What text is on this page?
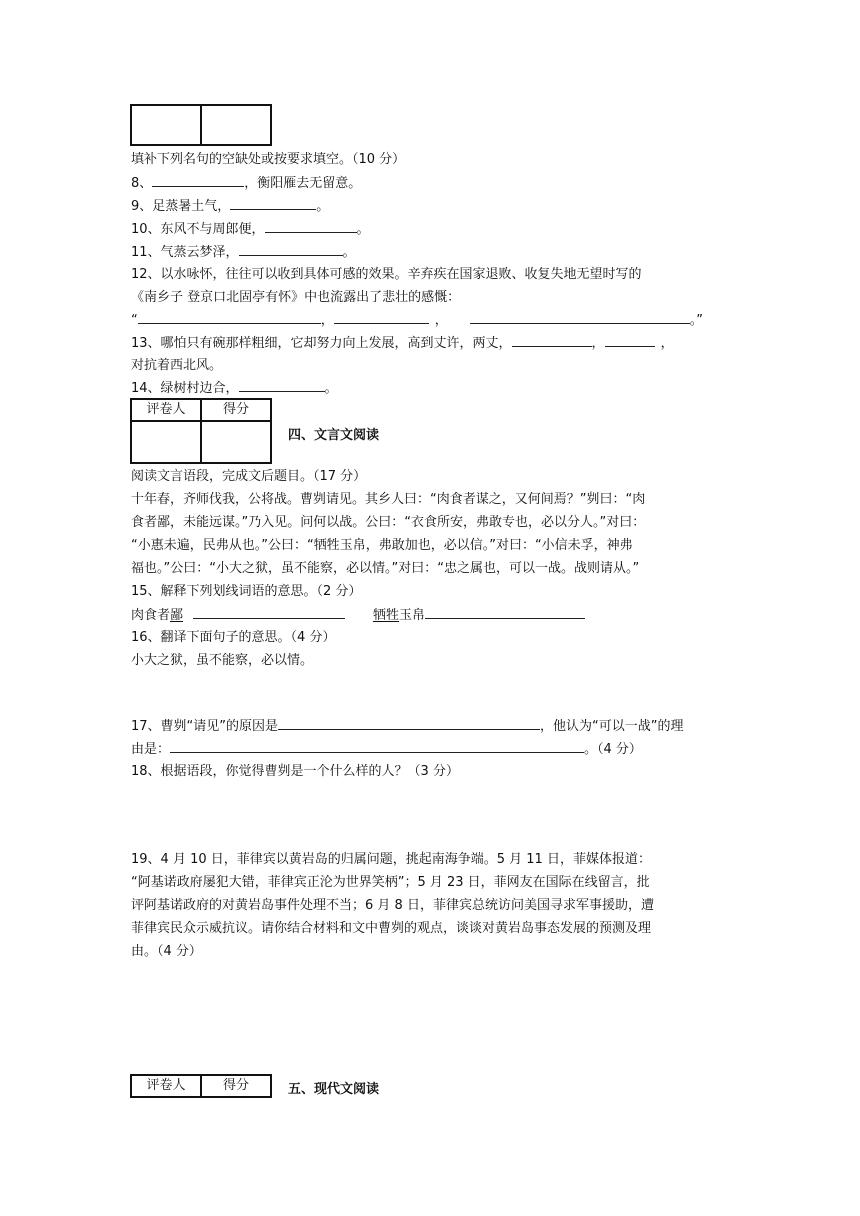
填补下列名句的空缺处或按要求填空。（10 分）
8、	，衡阳雁去无留意。
9、足蒸暑土气，	。
10、东风不与周郎便，	。
11、气蒸云梦泽，	。
12、以水咏怀，往往可以收到具体可感的效果。辛弃疾在国家退败、收复失地无望时写的
《南乡子 登京口北固亭有怀》中也流露出了悲壮的感慨：
“	，	，	。”
13、哪怕只有碗那样粗细，它却努力向上发展，高到丈许，两丈，	，	，
对抗着西北风。
14、绿树村边合，	。
评卷人	得分

四、文言文阅读
阅读文言语段，完成文后题目。（17 分）
十年春，齐师伐我，公将战。曹刿请见。其乡人曰：“肉食者谋之，又何间焉？”刿曰：“肉
食者鄙，未能远谋。”乃入见。问何以战。公曰：“衣食所安，弗敢专也，必以分人。”对曰：
“小惠未遍，民弗从也。”公曰：“牺牲玉帛，弗敢加也，必以信。”对曰：“小信未孚，神弗
福也。”公曰：“小大之狱，虽不能察，必以情。”对曰：“忠之属也，可以一战。战则请从。”
15、解释下列划线词语的意思。（2 分）
肉食者鄙	牺牲玉帛
16、翻译下面句子的意思。（4 分）
小大之狱，虽不能察，必以情。
17、曹刿“请见”的原因是	，他认为“可以一战”的理
由是：	。（4 分）
18、根据语段，你觉得曹刿是一个什么样的人？（3 分）
19、4 月 10 日，菲律宾以黄岩岛的归属问题，挑起南海争端。5 月 11 日，菲媒体报道：
“阿基诺政府屡犯大错，菲律宾正沦为世界笑柄”；5 月 23 日，菲网友在国际在线留言，批
评阿基诺政府的对黄岩岛事件处理不当；6 月 8 日，菲律宾总统访问美国寻求军事援助，遭
菲律宾民众示威抗议。请你结合材料和文中曹刿的观点，谈谈对黄岩岛事态发展的预测及理
由。（4 分）
评卷人	得分	五、现代文阅读
